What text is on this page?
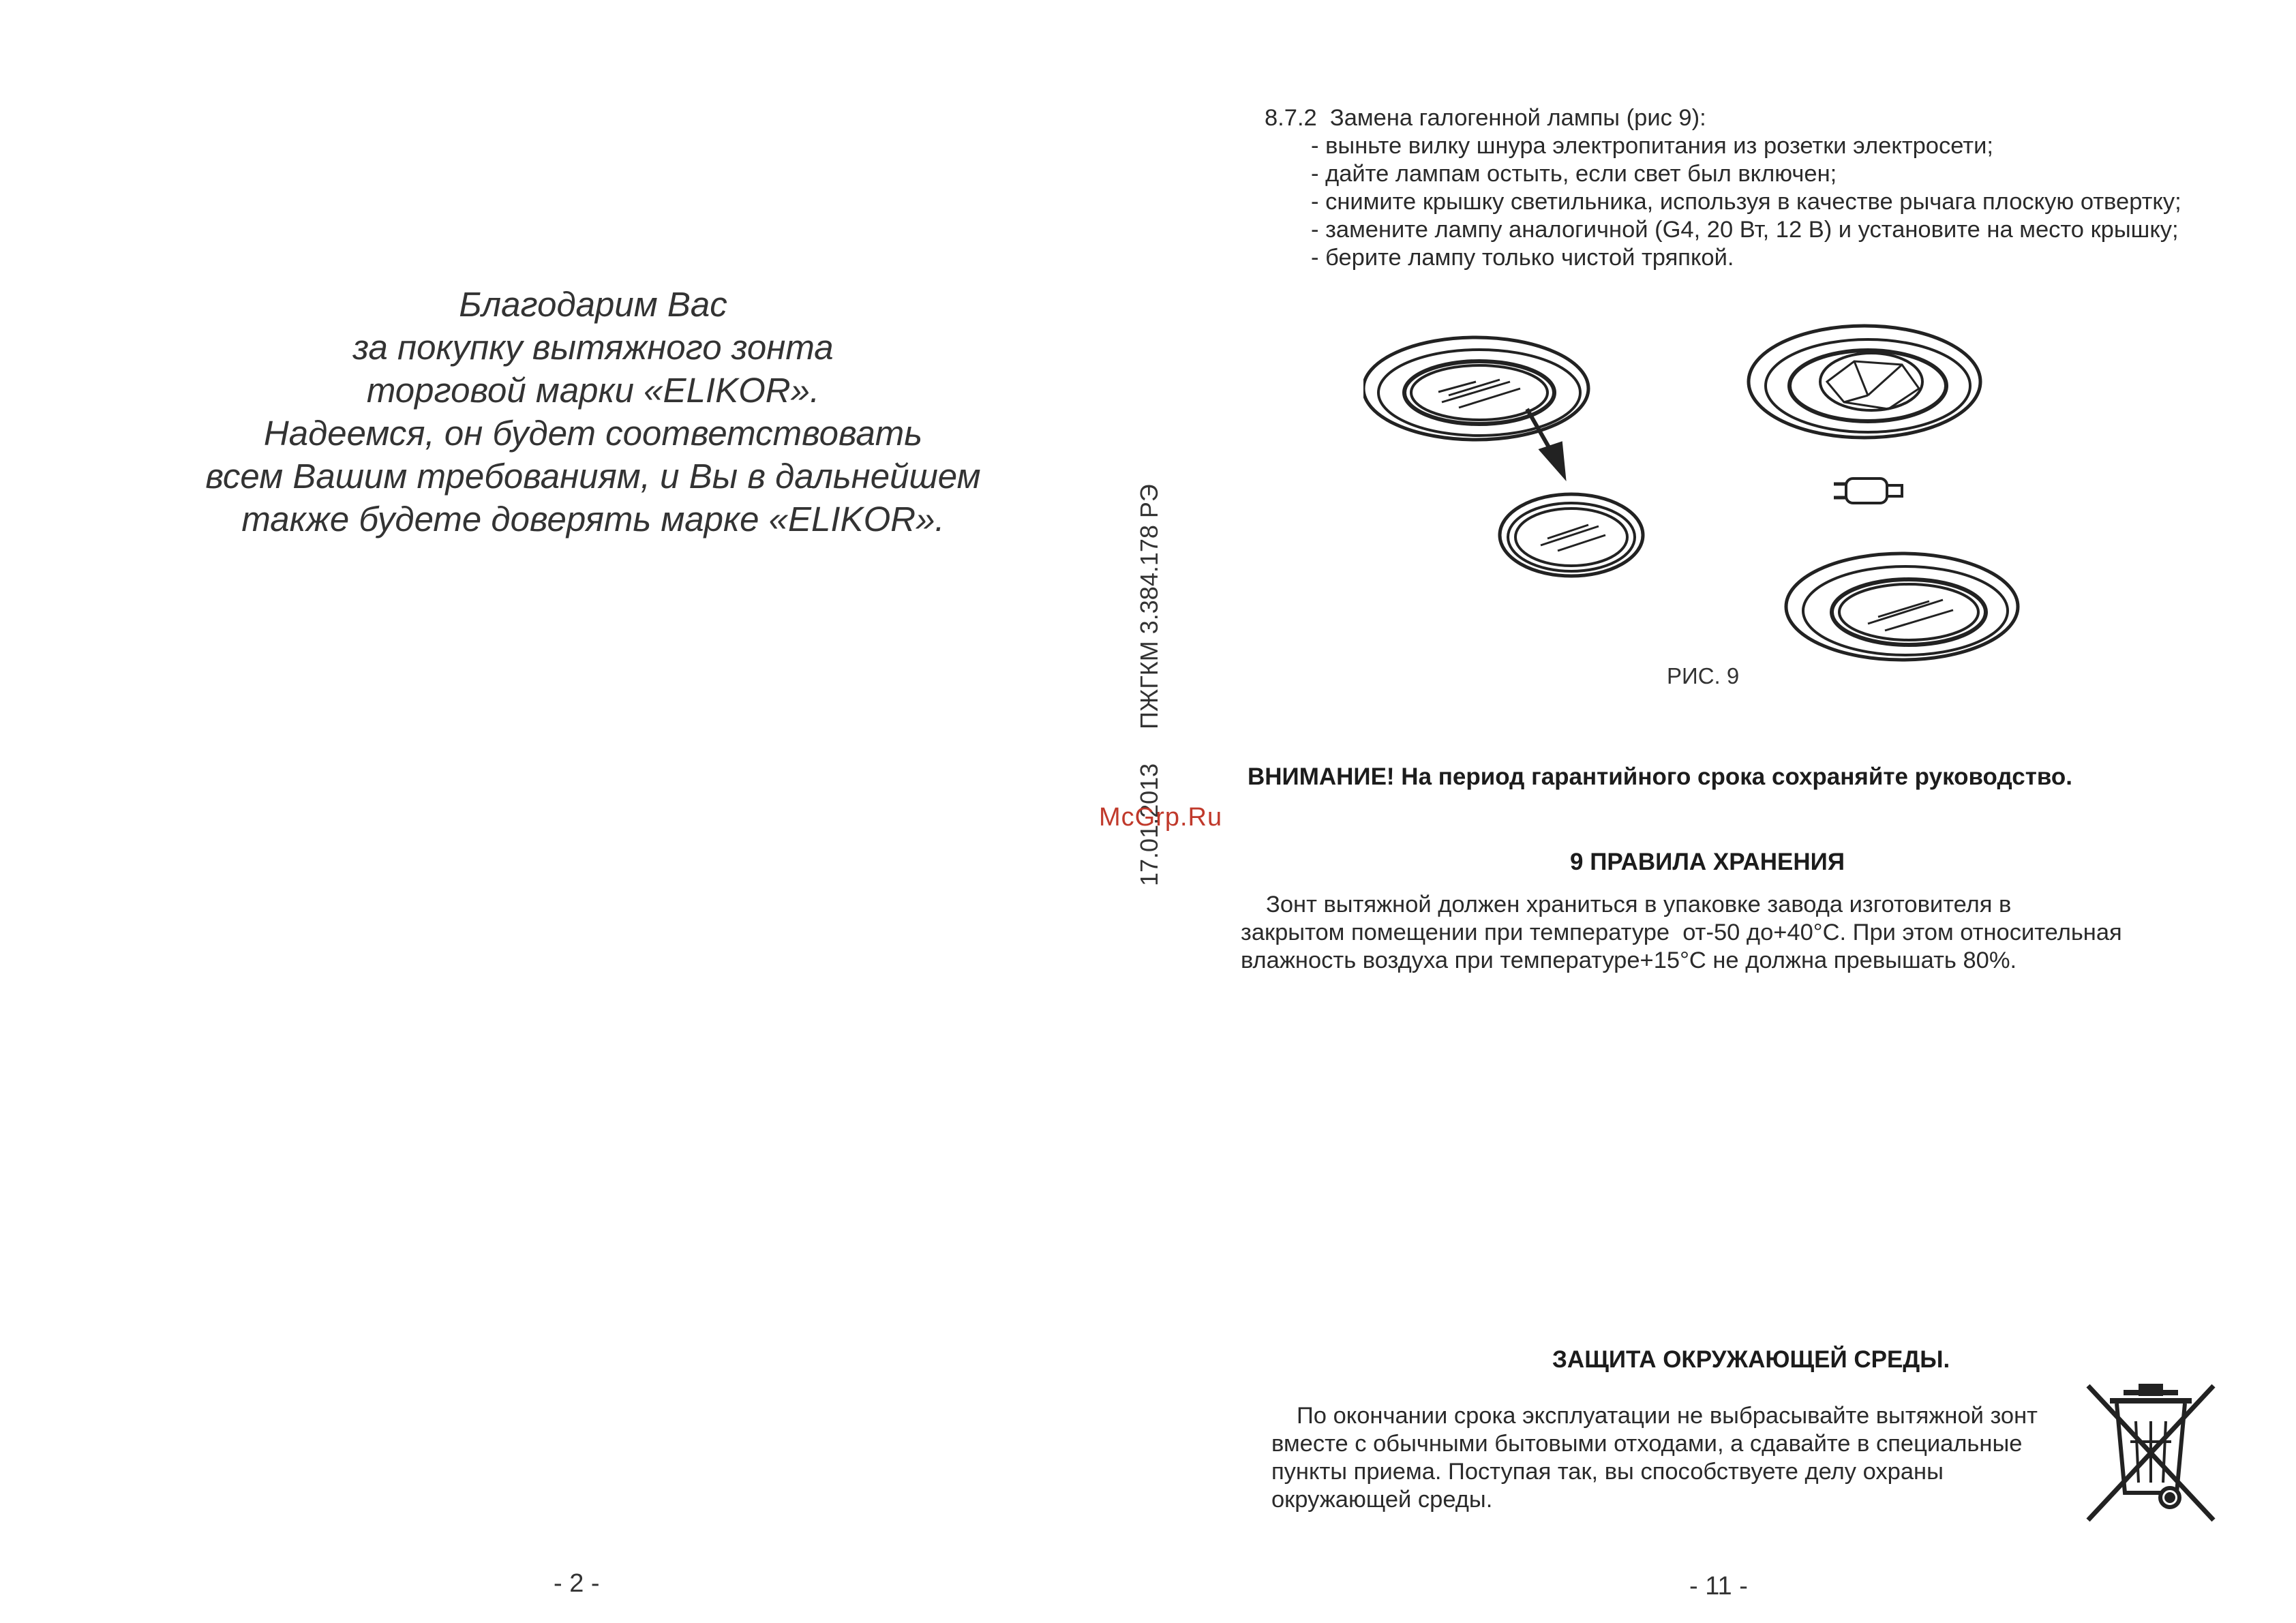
Благодарим Вас
за покупку вытяжного зонта
торговой марки «ELIKOR».
Надеемся, он будет соответствовать
всем Вашим требованиям, и Вы в дальнейшем
также будете доверять марке «ELIKOR».
- 2 -
17.01.2013     ПЖГКМ 3.384.178 РЭ
McGrp.Ru
8.7.2  Замена галогенной лампы (рис 9):
- выньте вилку шнура электропитания из розетки электросети;
- дайте лампам остыть, если свет был включен;
- снимите крышку светильника, используя в качестве рычага плоскую отвертку;
- замените лампу аналогичной (G4, 20 Вт, 12 В) и установите на место крышку;
- берите лампу только чистой тряпкой.
РИС. 9
ВНИМАНИЕ! На период гарантийного срока сохраняйте руководство.
9 ПРАВИЛА ХРАНЕНИЯ
Зонт вытяжной должен храниться в упаковке завода изготовителя в
закрытом помещении при температуре  от-50 до+40°С. При этом относительная
влажность воздуха при температуре+15°С не должна превышать 80%.
ЗАЩИТА ОКРУЖАЮЩЕЙ СРЕДЫ.
По окончании срока эксплуатации не выбрасывайте вытяжной зонт
вместе с обычными бытовыми отходами, а сдавайте в специальные
пункты приема. Поступая так, вы способствуете делу охраны
окружающей среды.
- 11 -
